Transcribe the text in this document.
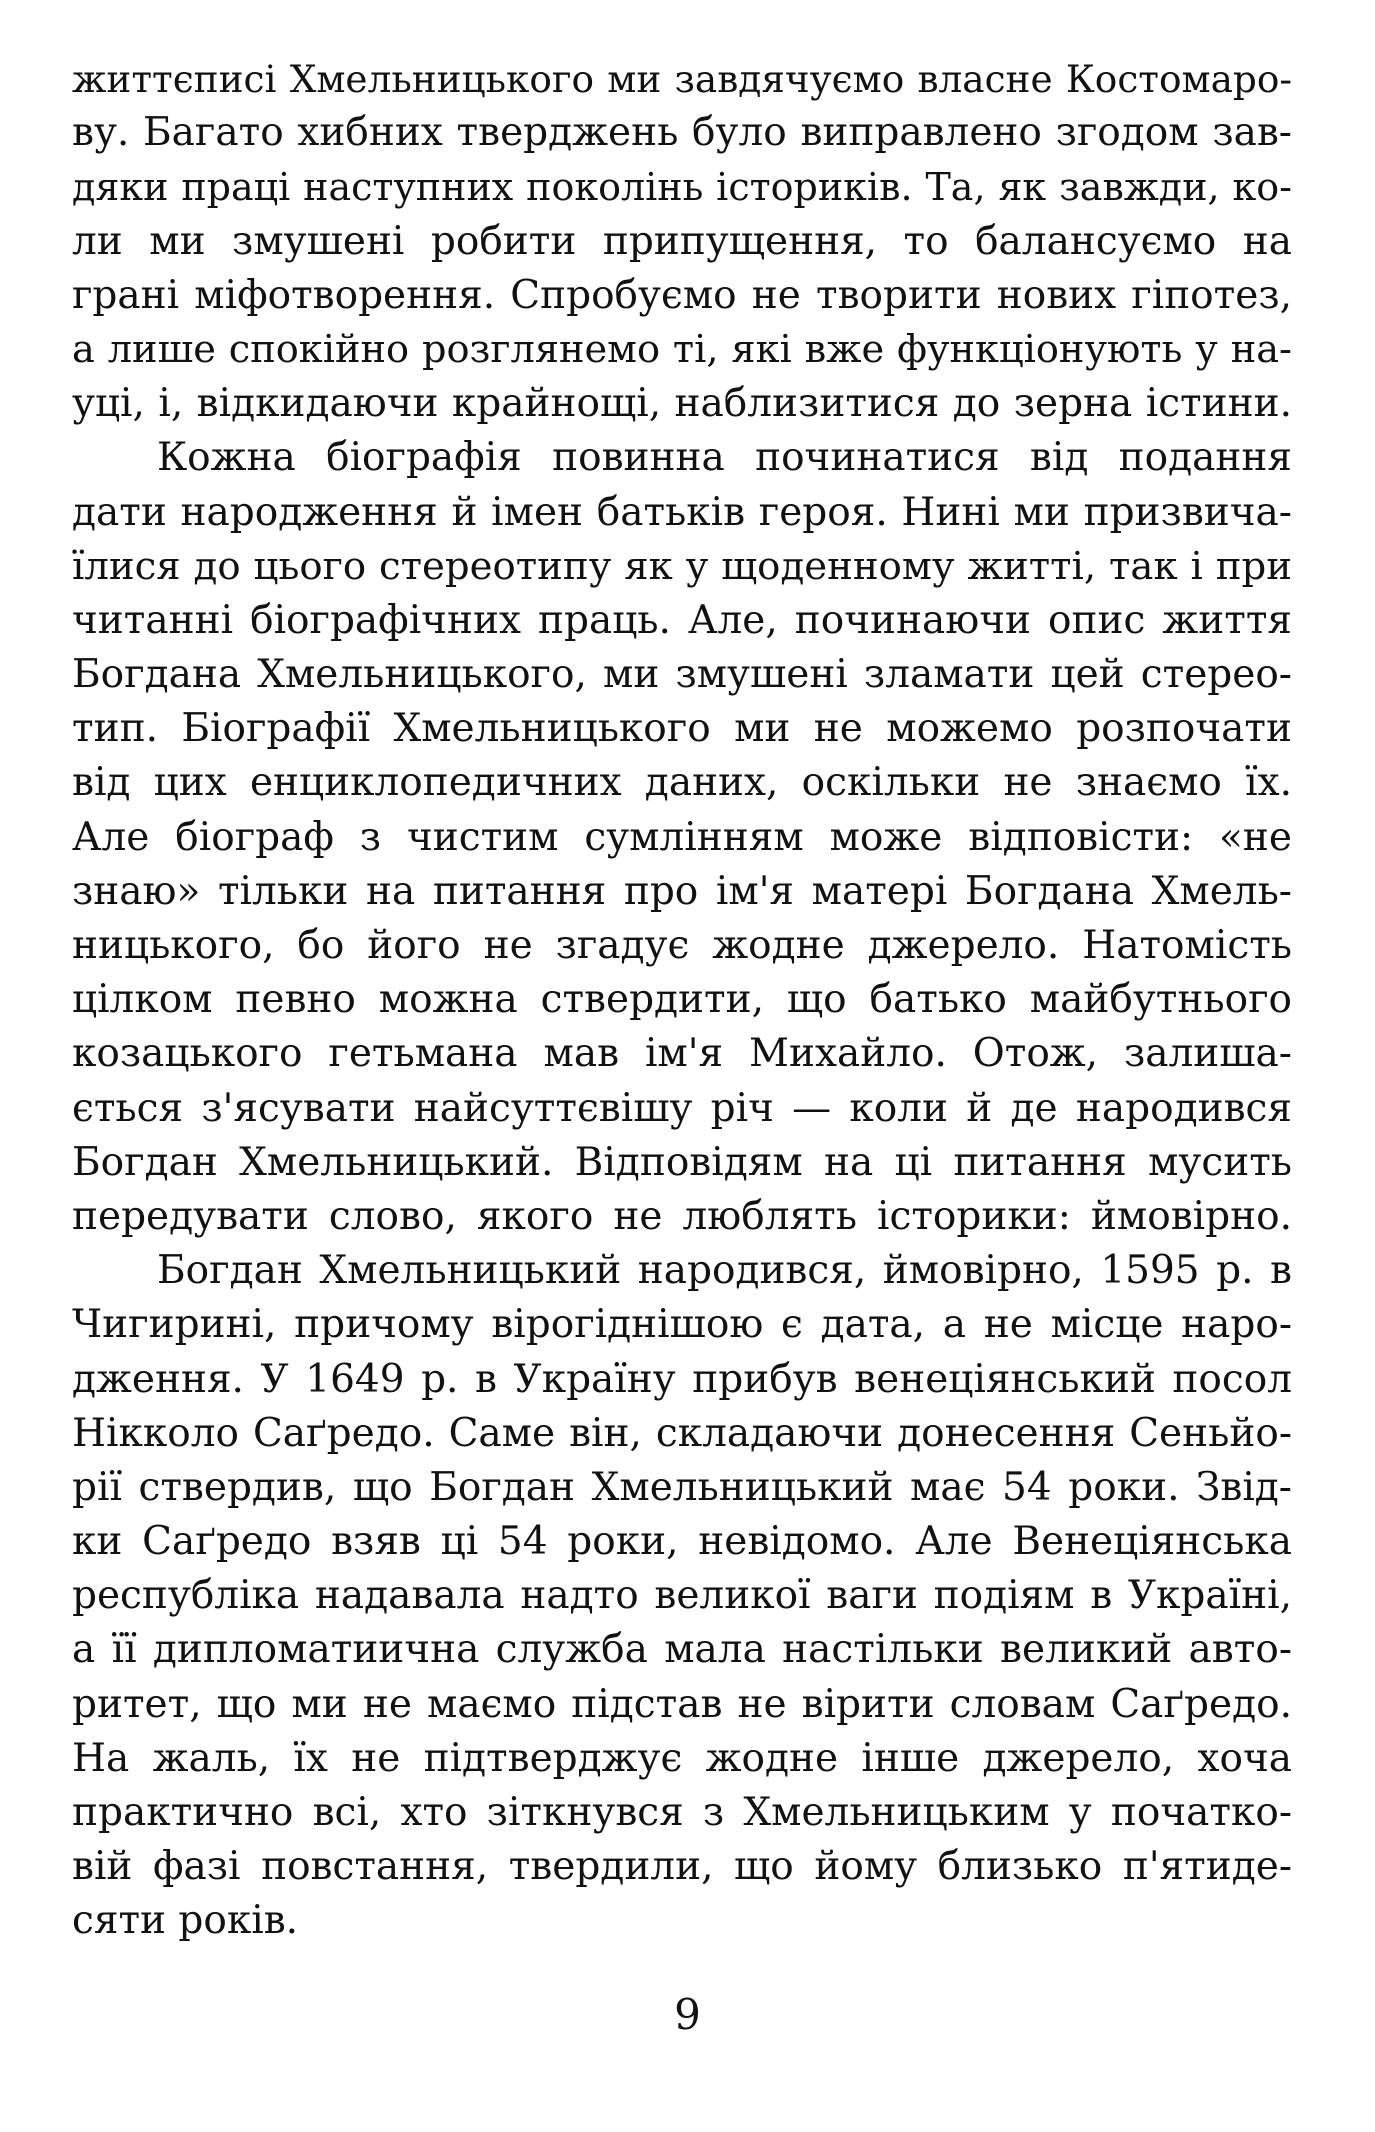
життєписі Хмельницького ми завдячуємо власне Костомаро-
ву. Багато хибних тверджень було виправлено згодом зав-
дяки праці наступних поколінь істориків. Та, як завжди, ко-
ли ми змушені робити припущення, то балансуємо на
грані міфотворення. Спробуємо не творити нових гіпотез,
а лише спокійно розглянемо ті, які вже функціонують у на-
уці, і, відкидаючи крайнощі, наблизитися до зерна істини.
Кожна біографія повинна починатися від подання
дати народження й імен батьків героя. Нині ми призвича-
їлися до цього стереотипу як у щоденному житті, так і при
читанні біографічних праць. Але, починаючи опис життя
Богдана Хмельницького, ми змушені зламати цей стерео-
тип. Біографії Хмельницького ми не можемо розпочати
від цих енциклопедичних даних, оскільки не знаємо їх.
Але біограф з чистим сумлінням може відповісти: «не
знаю» тільки на питання про ім'я матері Богдана Хмель-
ницького, бо його не згадує жодне джерело. Натомість
цілком певно можна ствердити, що батько майбутнього
козацького гетьмана мав ім'я Михайло. Отож, залиша-
ється з'ясувати найсуттєвішу річ — коли й де народився
Богдан Хмельницький. Відповідям на ці питання мусить
передувати слово, якого не люблять історики: ймовірно.
Богдан Хмельницький народився, ймовірно, 1595 р. в
Чигирині, причому вірогіднішою є дата, а не місце наро-
дження. У 1649 р. в Україну прибув венеціянський посол
Нікколо Саґредо. Саме він, складаючи донесення Сеньйо-
рії ствердив, що Богдан Хмельницький має 54 роки. Звід-
ки Саґредо взяв ці 54 роки, невідомо. Але Венеціянська
республіка надавала надто великої ваги подіям в Україні,
а її дипломатиична служба мала настільки великий авто-
ритет, що ми не маємо підстав не вірити словам Саґредо.
На жаль, їх не підтверджує жодне інше джерело, хоча
практично всі, хто зіткнувся з Хмельницьким у початко-
вій фазі повстання, твердили, що йому близько п'ятиде-
сяти років.
9
